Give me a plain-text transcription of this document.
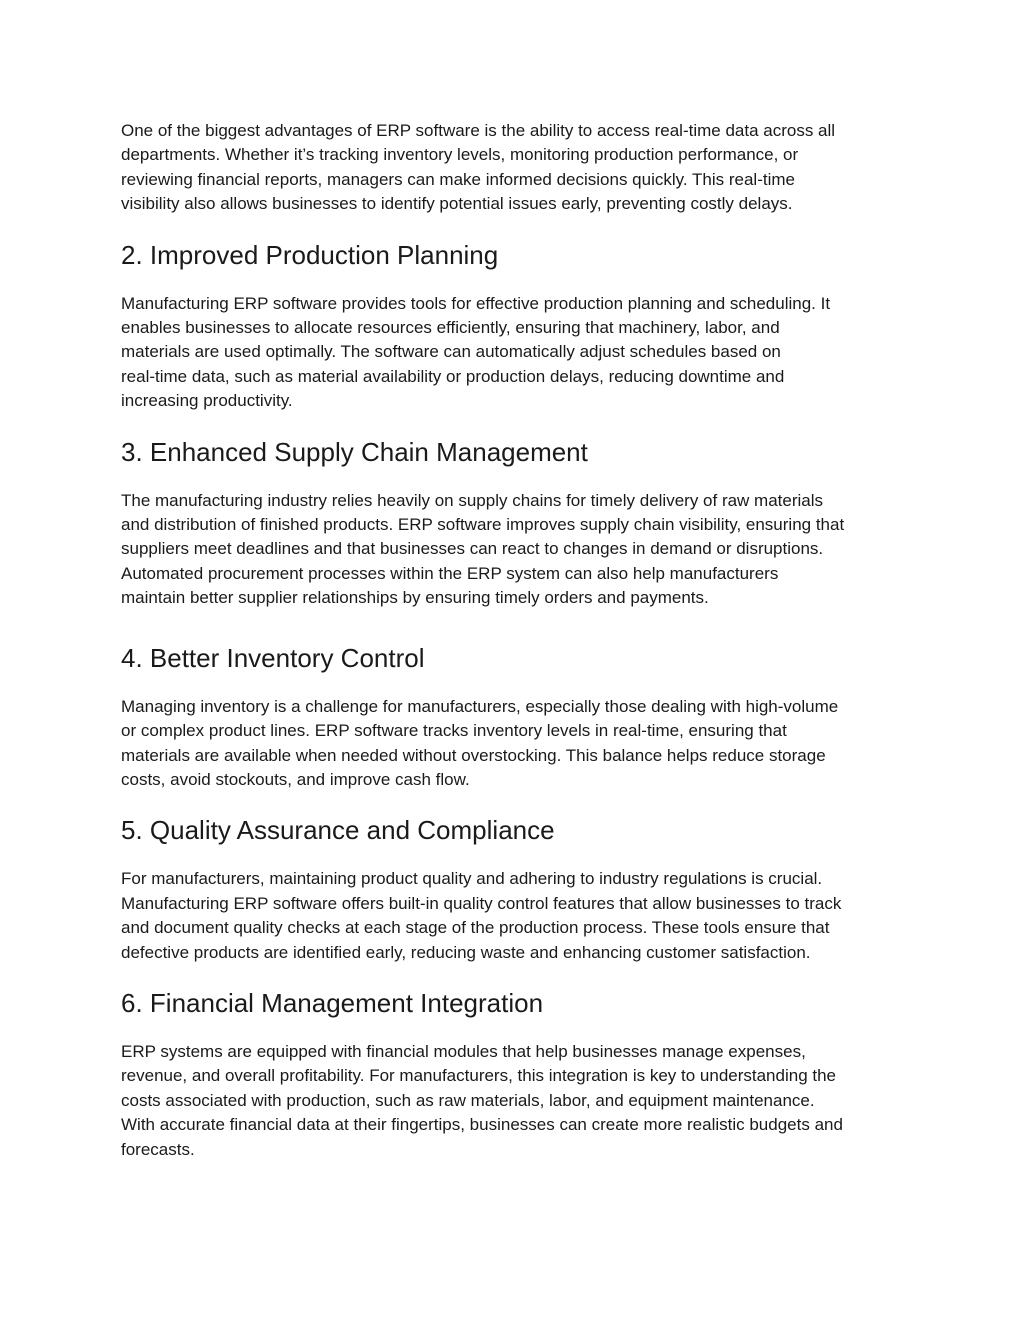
One of the biggest advantages of ERP software is the ability to access real-time data across all
departments. Whether it’s tracking inventory levels, monitoring production performance, or
reviewing financial reports, managers can make informed decisions quickly. This real-time
visibility also allows businesses to identify potential issues early, preventing costly delays.

2. Improved Production Planning

Manufacturing ERP software provides tools for effective production planning and scheduling. It
enables businesses to allocate resources efficiently, ensuring that machinery, labor, and
materials are used optimally. The software can automatically adjust schedules based on
real-time data, such as material availability or production delays, reducing downtime and
increasing productivity.

3. Enhanced Supply Chain Management

The manufacturing industry relies heavily on supply chains for timely delivery of raw materials
and distribution of finished products. ERP software improves supply chain visibility, ensuring that
suppliers meet deadlines and that businesses can react to changes in demand or disruptions.
Automated procurement processes within the ERP system can also help manufacturers
maintain better supplier relationships by ensuring timely orders and payments.

4. Better Inventory Control

Managing inventory is a challenge for manufacturers, especially those dealing with high-volume
or complex product lines. ERP software tracks inventory levels in real-time, ensuring that
materials are available when needed without overstocking. This balance helps reduce storage
costs, avoid stockouts, and improve cash flow.

5. Quality Assurance and Compliance

For manufacturers, maintaining product quality and adhering to industry regulations is crucial.
Manufacturing ERP software offers built-in quality control features that allow businesses to track
and document quality checks at each stage of the production process. These tools ensure that
defective products are identified early, reducing waste and enhancing customer satisfaction.

6. Financial Management Integration

ERP systems are equipped with financial modules that help businesses manage expenses,
revenue, and overall profitability. For manufacturers, this integration is key to understanding the
costs associated with production, such as raw materials, labor, and equipment maintenance.
With accurate financial data at their fingertips, businesses can create more realistic budgets and
forecasts.
